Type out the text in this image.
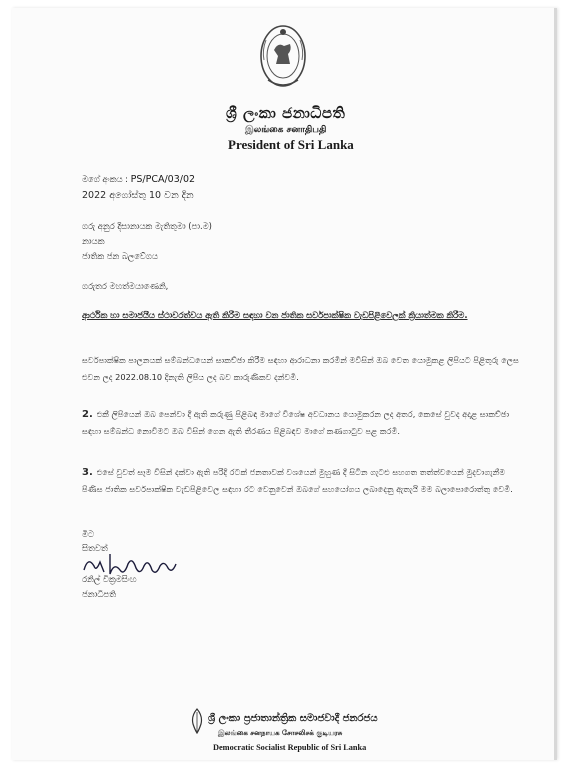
ශ්‍රී ලංකා ජනාධිපති
இலங்கை சனாதிபதி
President of Sri Lanka
මගේ අංකය : PS/PCA/03/02
2022 අගෝස්තු 10 වන දින
ගරු අනුර දිසානායක මැතිතුමා (පා.ම)
නායක
ජාතික ජන බලවේගය
ගරුතර මහත්මයාණෙනි,
ආර්ථික හා සමාජයීය ස්ථාවරත්වය ඇති කිරීම සඳහා වන ජාතික සර්වපාක්ෂික වැඩපිළිවෙලක් ක්‍රියාත්මක කිරීම.
සර්වපාක්ෂික පාලනයක් සම්බන්ධයෙන් සාකච්ඡා කිරීම සඳහා ආරාධනා කරමින් මවිසින් ඔබ වෙත යොමුකළ ලිපියට පිළිතුරු ලෙස එවන ලද 2022.08.10 දිනැති ලිපිය ලද බව කාරුණිකව දන්වමි.
2. එකී ලිපියෙන් ඔබ පෙන්වා දී ඇති කරුණු පිළිබඳ මාගේ විශේෂ අවධානය යොමුකරන ලද අතර, කෙසේ වුවද අදාළ සාකච්ඡා සඳහා සම්බන්ධ නොවීමට ඔබ විසින් ගෙන ඇති තීරණය පිළිබඳව මාගේ කණගාටුව පළ කරමි.
3. එසේ වුවත් සෑම විසින් දක්වා ඇති පරිදි රටක් ජනතාවක් වශයෙන් මුහුණ දී සිටින ගැටළු සහගත තත්ත්වයෙන් මුදවාගැනීම පිණිස ජාතික සර්වපාක්ෂික වැඩපිළිවෙල සඳහා රට වෙනුවෙන් ඔබගේ සහයෝගය ලබාදෙනු ඇතැයි මම බලාපොරොත්තු වෙමි.
මිට
සිතවත්
රනිල් වික්‍රමසිංහ
ජනාධිපති
ශ්‍රී ලංකා ප්‍රජාතාන්ත්‍රික සමාජවාදී ජනරජය
இலங்கை சனநாயக சோசலிசக் குடியரசு
Democratic Socialist Republic of Sri Lanka
